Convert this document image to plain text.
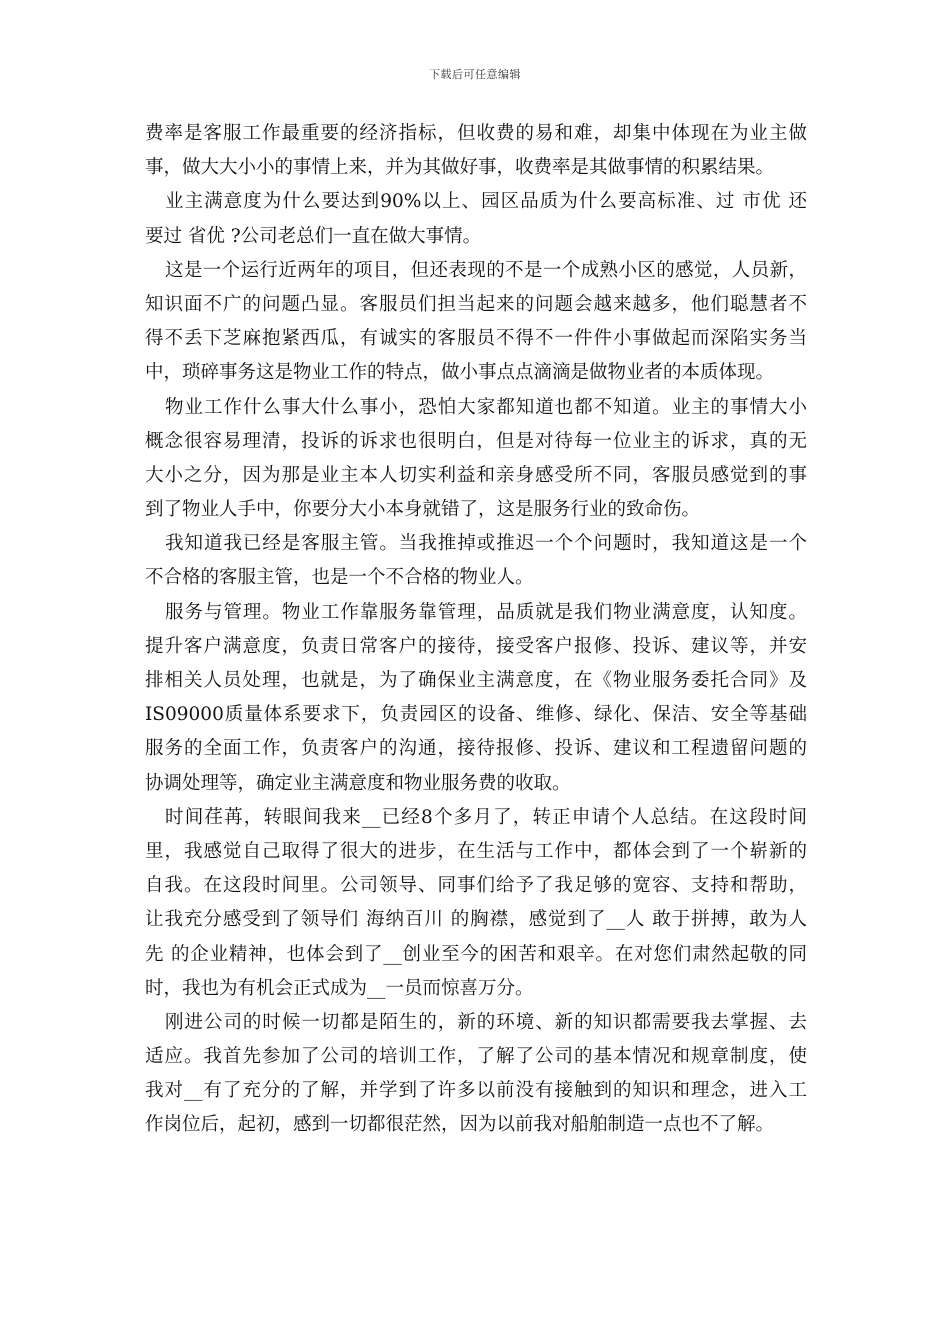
下载后可任意编辑
费率是客服工作最重要的经济指标，但收费的易和难，却集中体现在为业主做
事，做大大小小的事情上来，并为其做好事，收费率是其做事情的积累结果。
业主满意度为什么要达到90%以上、园区品质为什么要高标准、过 市优 还
要过 省优 ?公司老总们一直在做大事情。
这是一个运行近两年的项目，但还表现的不是一个成熟小区的感觉，人员新，
知识面不广的问题凸显。客服员们担当起来的问题会越来越多，他们聪慧者不
得不丢下芝麻抱紧西瓜，有诚实的客服员不得不一件件小事做起而深陷实务当
中，琐碎事务这是物业工作的特点，做小事点点滴滴是做物业者的本质体现。
物业工作什么事大什么事小，恐怕大家都知道也都不知道。业主的事情大小
概念很容易理清，投诉的诉求也很明白，但是对待每一位业主的诉求，真的无
大小之分，因为那是业主本人切实利益和亲身感受所不同，客服员感觉到的事
到了物业人手中，你要分大小本身就错了，这是服务行业的致命伤。
我知道我已经是客服主管。当我推掉或推迟一个个问题时，我知道这是一个
不合格的客服主管，也是一个不合格的物业人。
服务与管理。物业工作靠服务靠管理，品质就是我们物业满意度，认知度。
提升客户满意度，负责日常客户的接待，接受客户报修、投诉、建议等，并安
排相关人员处理，也就是，为了确保业主满意度，在《物业服务委托合同》及
IS09000质量体系要求下，负责园区的设备、维修、绿化、保洁、安全等基础
服务的全面工作，负责客户的沟通，接待报修、投诉、建议和工程遗留问题的
协调处理等，确定业主满意度和物业服务费的收取。
时间荏苒，转眼间我来__已经8个多月了，转正申请个人总结。在这段时间
里，我感觉自己取得了很大的进步，在生活与工作中，都体会到了一个崭新的
自我。在这段时间里。公司领导、同事们给予了我足够的宽容、支持和帮助，
让我充分感受到了领导们 海纳百川 的胸襟，感觉到了__人 敢于拼搏，敢为人
先 的企业精神，也体会到了__创业至今的困苦和艰辛。在对您们肃然起敬的同
时，我也为有机会正式成为__一员而惊喜万分。
刚进公司的时候一切都是陌生的，新的环境、新的知识都需要我去掌握、去
适应。我首先参加了公司的培训工作，了解了公司的基本情况和规章制度，使
我对__有了充分的了解，并学到了许多以前没有接触到的知识和理念，进入工
作岗位后，起初，感到一切都很茫然，因为以前我对船舶制造一点也不了解。
